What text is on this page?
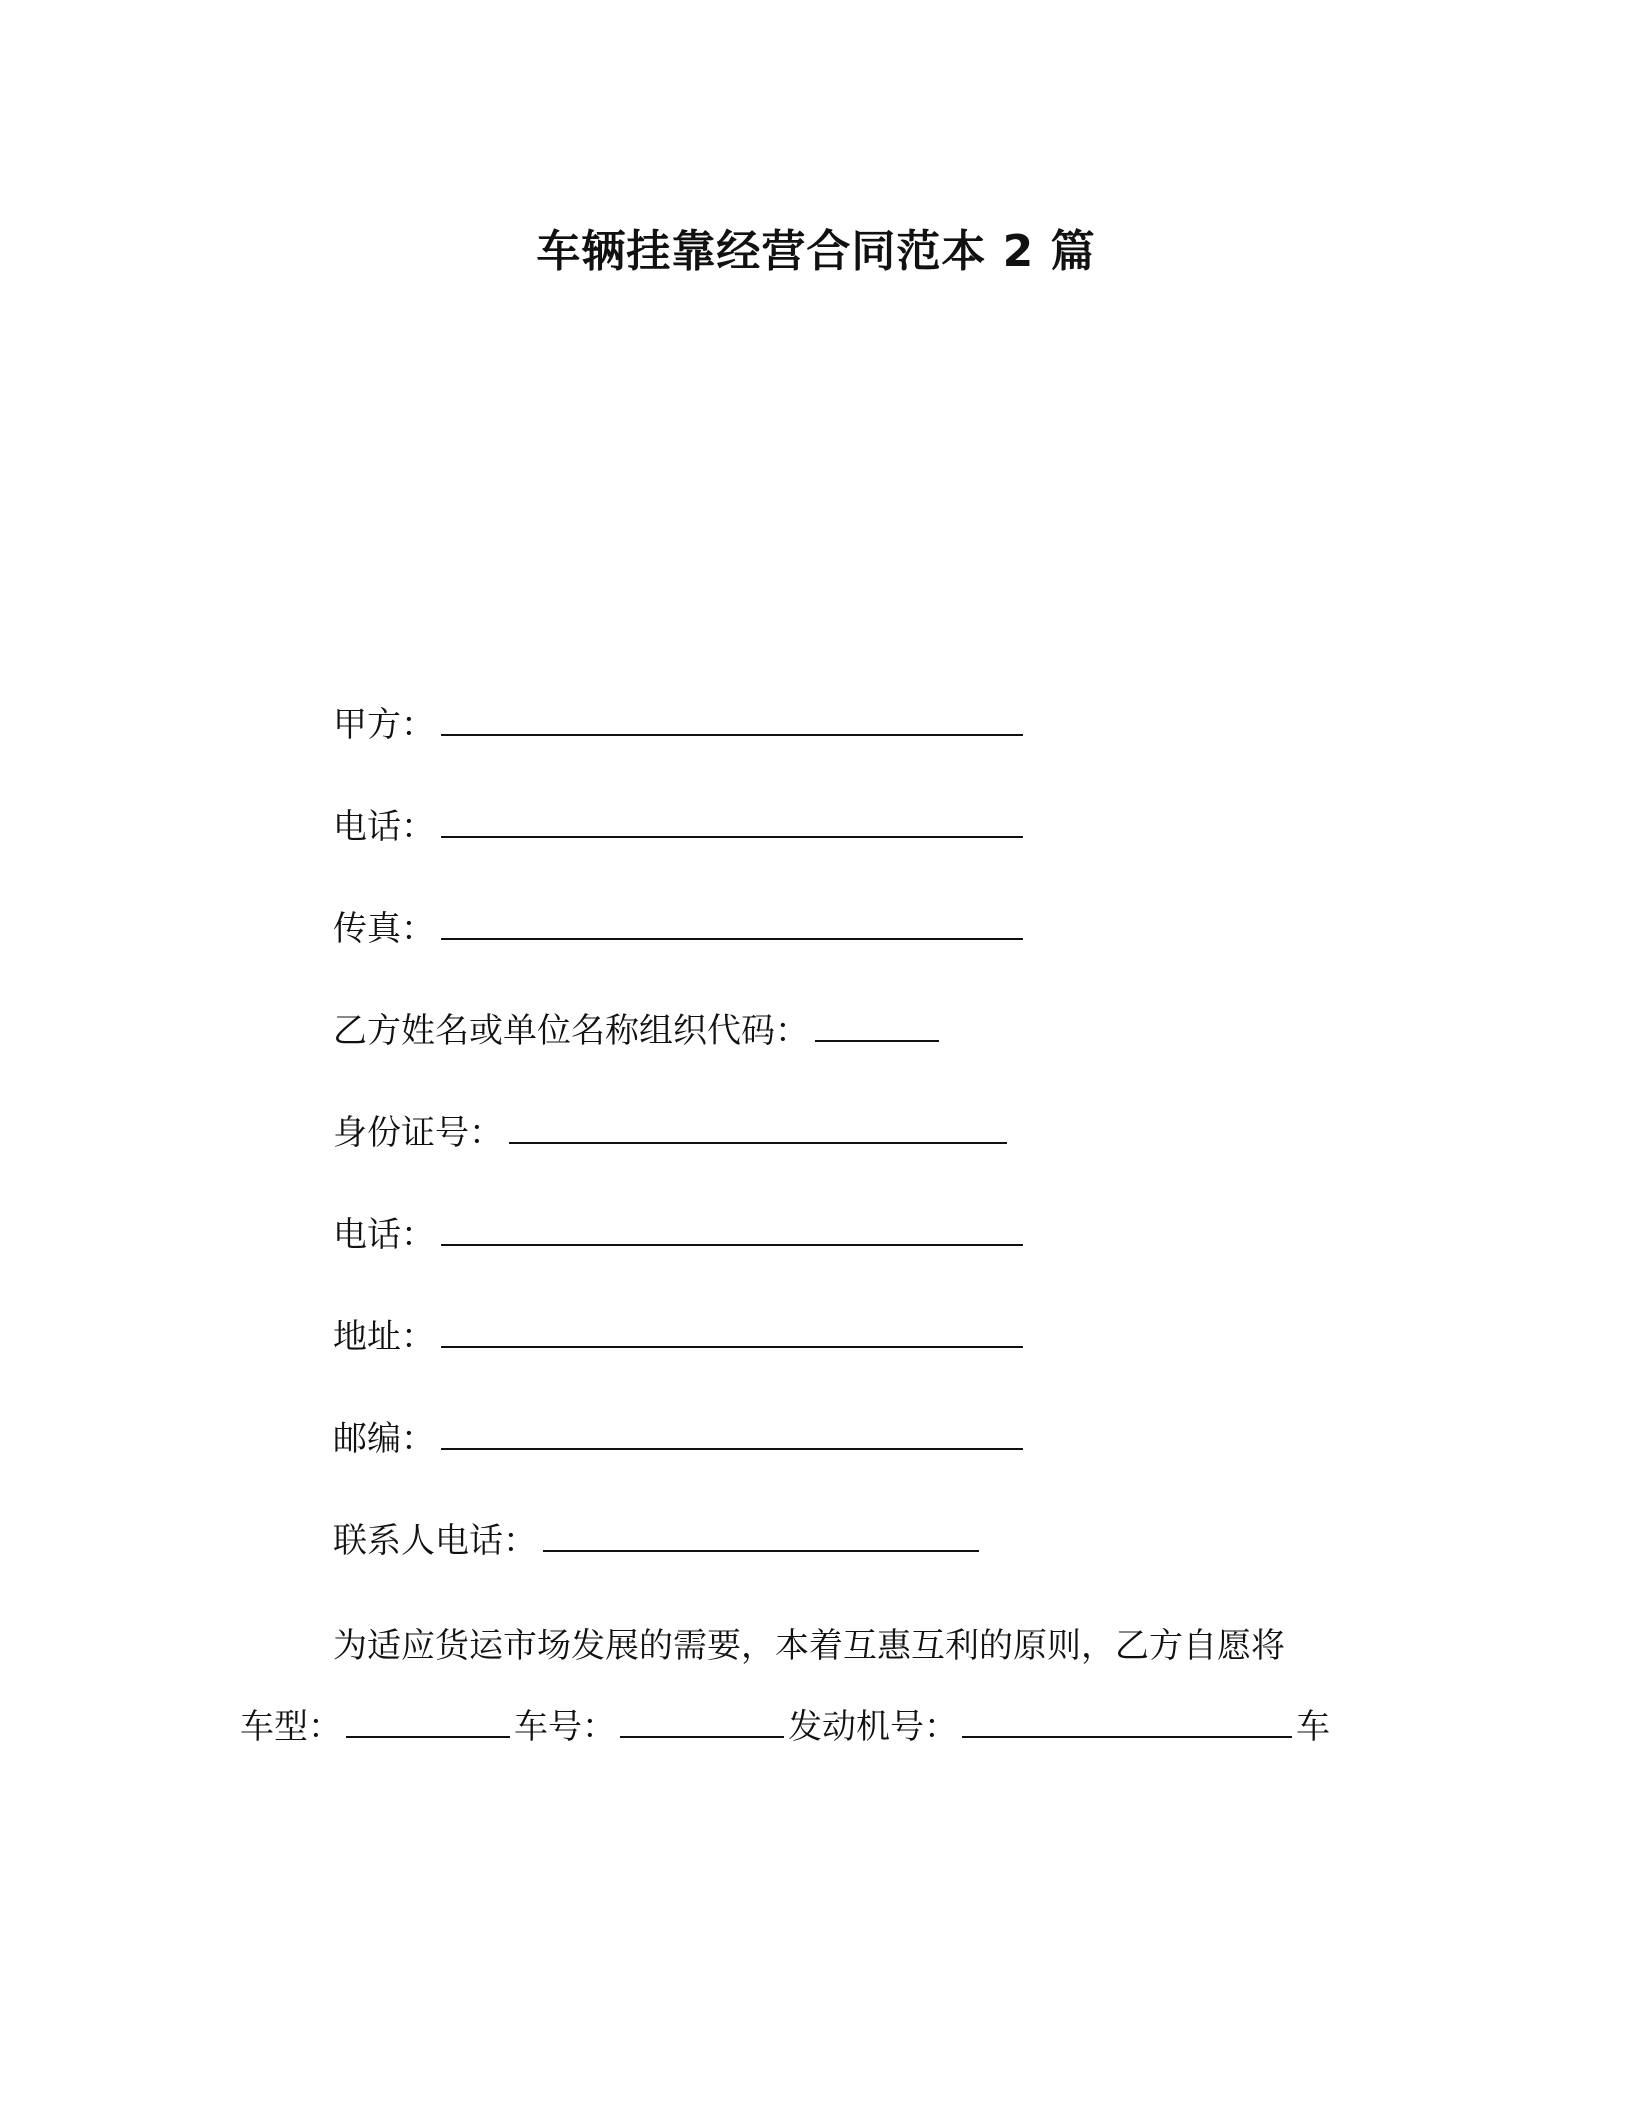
车辆挂靠经营合同范本 2 篇
甲方：
电话：
传真：
乙方姓名或单位名称组织代码：
身份证号：
电话：
地址：
邮编：
联系人电话：
为适应货运市场发展的需要，本着互惠互利的原则，乙方自愿将
车型：	车号：	发动机号：	车
